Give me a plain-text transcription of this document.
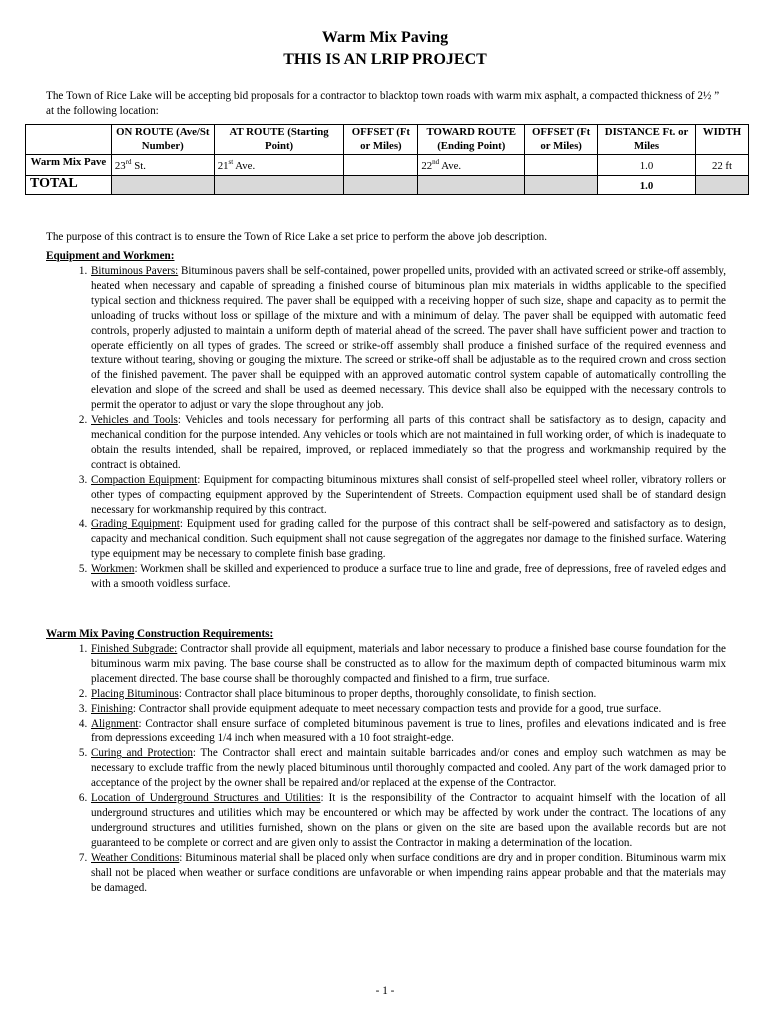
Warm Mix Paving
THIS IS AN LRIP PROJECT
The Town of Rice Lake will be accepting bid proposals for a contractor to blacktop town roads with warm mix asphalt, a compacted thickness of 2½ ” at the following location:
	ON ROUTE (Ave/St Number)	AT ROUTE (Starting Point)	OFFSET (Ft or Miles)	TOWARD ROUTE (Ending Point)	OFFSET (Ft or Miles)	DISTANCE Ft. or Miles	WIDTH
Warm Mix Pave	23rd St.	21st Ave.		22nd Ave.		1.0	22 ft
TOTAL						1.0	
The purpose of this contract is to ensure the Town of Rice Lake a set price to perform the above job description.
Equipment and Workmen:
1. Bituminous Pavers: Bituminous pavers shall be self-contained, power propelled units, provided with an activated screed or strike-off assembly, heated when necessary and capable of spreading a finished course of bituminous plan mix materials in widths applicable to the specified typical section and thickness required. The paver shall be equipped with a receiving hopper of such size, shape and capacity as to permit the unloading of trucks without loss or spillage of the mixture and with a minimum of delay. The paver shall be equipped with automatic feed controls, properly adjusted to maintain a uniform depth of material ahead of the screed. The paver shall have sufficient power and traction to operate efficiently on all types of grades. The screed or strike-off assembly shall produce a finished surface of the required evenness and texture without tearing, shoving or gouging the mixture. The screed or strike-off shall be adjustable as to the required crown and cross section of the finished pavement. The paver shall be equipped with an approved automatic control system capable of automatically controlling the elevation and slope of the screed and shall be used as deemed necessary. This device shall also be equipped with the necessary controls to permit the operator to adjust or vary the slope throughout any job.
2. Vehicles and Tools: Vehicles and tools necessary for performing all parts of this contract shall be satisfactory as to design, capacity and mechanical condition for the purpose intended. Any vehicles or tools which are not maintained in full working order, of which is inadequate to obtain the results intended, shall be repaired, improved, or replaced immediately so that the progress and workmanship required by the contract is obtained.
3. Compaction Equipment: Equipment for compacting bituminous mixtures shall consist of self-propelled steel wheel roller, vibratory rollers or other types of compacting equipment approved by the Superintendent of Streets. Compaction equipment used shall be of standard design necessary for workmanship required by this contract.
4. Grading Equipment: Equipment used for grading called for the purpose of this contract shall be self-powered and satisfactory as to design, capacity and mechanical condition. Such equipment shall not cause segregation of the aggregates nor damage to the finished surface. Watering type equipment may be necessary to complete finish base grading.
5. Workmen: Workmen shall be skilled and experienced to produce a surface true to line and grade, free of depressions, free of raveled edges and with a smooth voidless surface.
Warm Mix Paving Construction Requirements:
1. Finished Subgrade: Contractor shall provide all equipment, materials and labor necessary to produce a finished base course foundation for the bituminous warm mix paving. The base course shall be constructed as to allow for the maximum depth of compacted bituminous warm mix placement directed. The base course shall be thoroughly compacted and finished to a firm, true surface.
2. Placing Bituminous: Contractor shall place bituminous to proper depths, thoroughly consolidate, to finish section.
3. Finishing: Contractor shall provide equipment adequate to meet necessary compaction tests and provide for a good, true surface.
4. Alignment: Contractor shall ensure surface of completed bituminous pavement is true to lines, profiles and elevations indicated and is free from depressions exceeding 1/4 inch when measured with a 10 foot straight-edge.
5. Curing and Protection: The Contractor shall erect and maintain suitable barricades and/or cones and employ such watchmen as may be necessary to exclude traffic from the newly placed bituminous until thoroughly compacted and cooled. Any part of the work damaged prior to acceptance of the project by the owner shall be repaired and/or replaced at the expense of the Contractor.
6. Location of Underground Structures and Utilities: It is the responsibility of the Contractor to acquaint himself with the location of all underground structures and utilities which may be encountered or which may be affected by work under the contract. The locations of any underground structures and utilities furnished, shown on the plans or given on the site are based upon the available records but are not guaranteed to be complete or correct and are given only to assist the Contractor in making a determination of the location.
7. Weather Conditions: Bituminous material shall be placed only when surface conditions are dry and in proper condition. Bituminous warm mix shall not be placed when weather or surface conditions are unfavorable or when impending rains appear probable and that the materials may be damaged.
- 1 -
